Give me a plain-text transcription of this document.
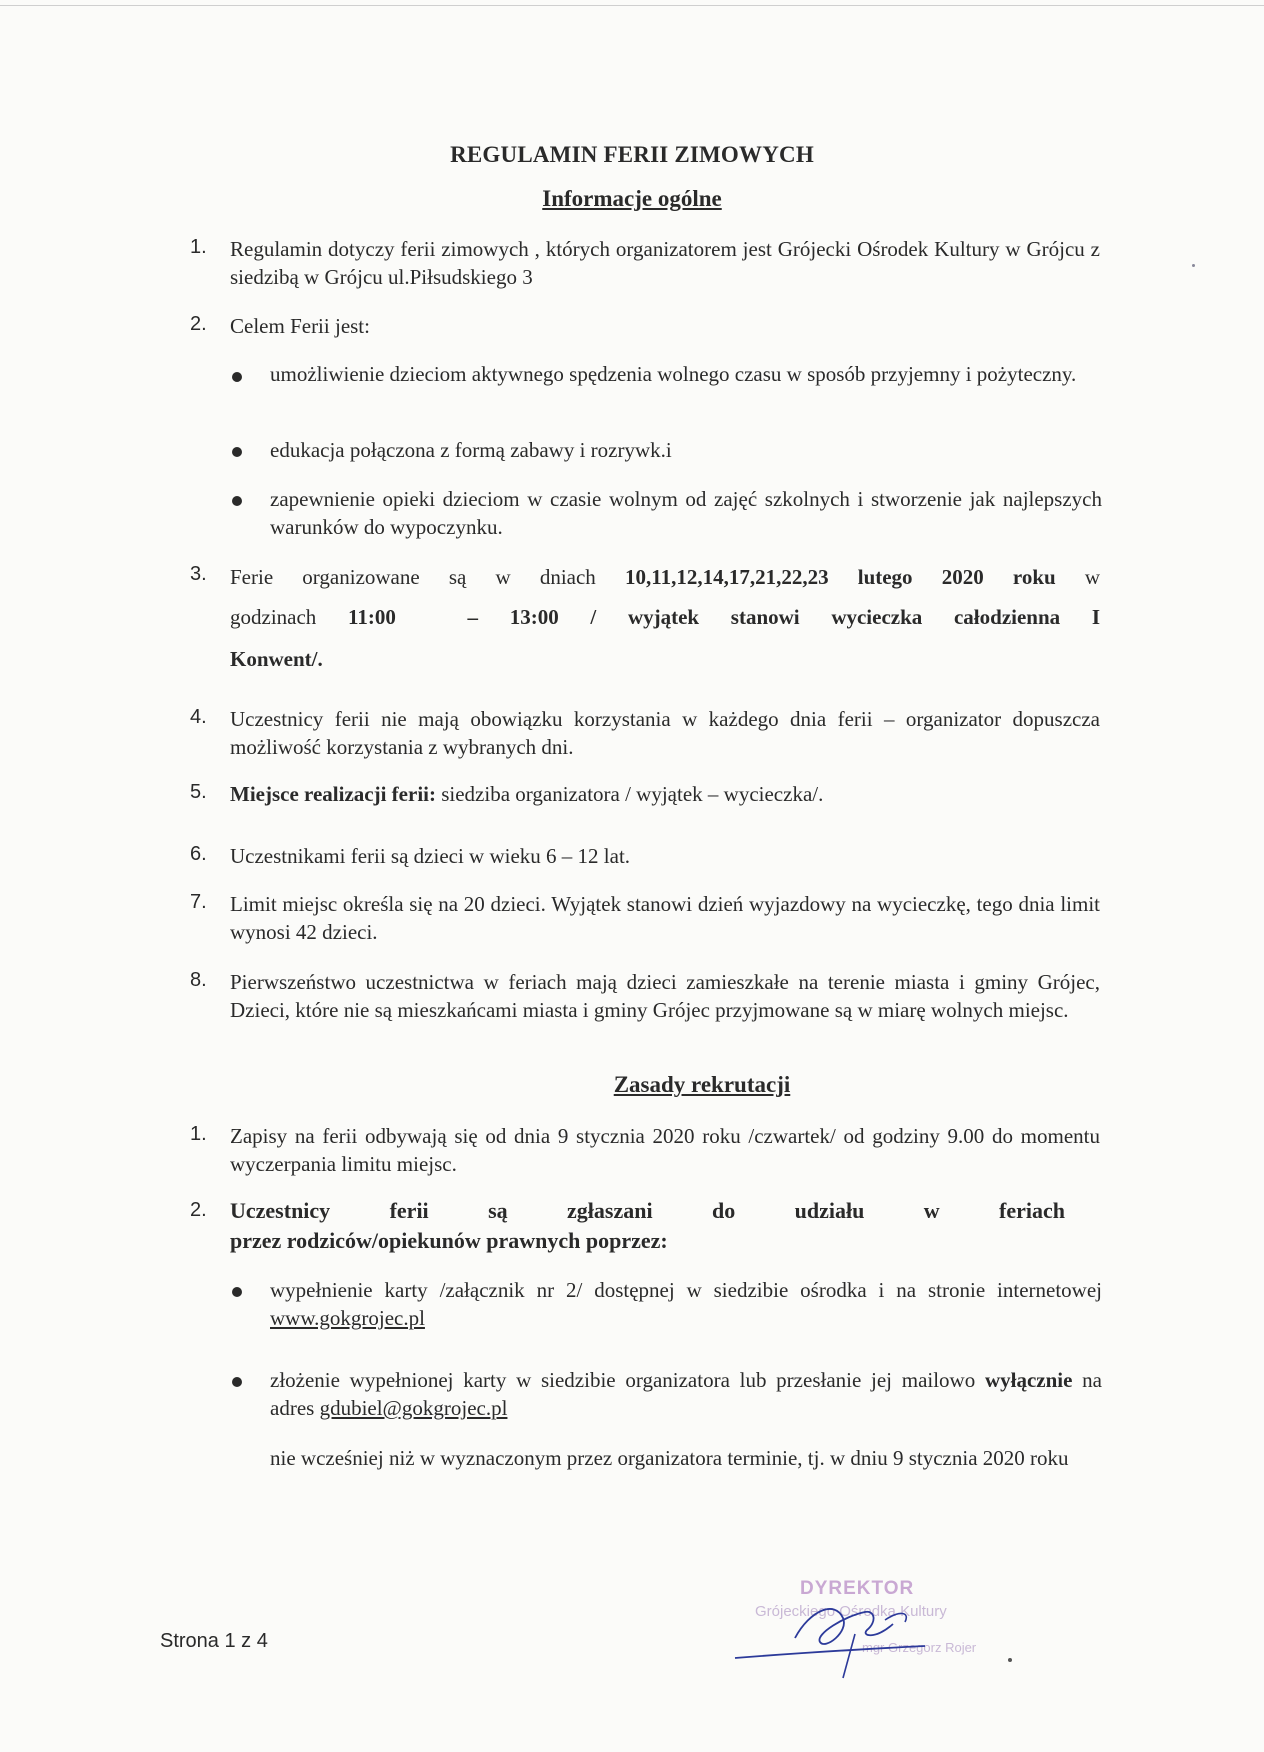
REGULAMIN FERII ZIMOWYCH
Informacje ogólne
1.	Regulamin dotyczy ferii zimowych , których organizatorem jest Grójecki Ośrodek Kultury w Grójcu z siedzibą w Grójcu ul.Piłsudskiego 3
2.	Celem Ferii jest:
umożliwienie dzieciom aktywnego spędzenia wolnego czasu w sposób przyjemny i pożyteczny.
edukacja połączona z formą zabawy i rozrywk.i
zapewnienie opieki dzieciom w czasie wolnym od zajęć szkolnych i stworzenie jak najlepszych warunków do wypoczynku.
3.	Ferie organizowane są w dniach 10,11,12,14,17,21,22,23 lutego 2020 roku w
godzinach 11:00	– 13:00 / wyjątek stanowi wycieczka całodzienna I
Konwent/.
4.	Uczestnicy ferii nie mają obowiązku korzystania w każdego dnia ferii – organizator dopuszcza możliwość korzystania z wybranych dni.
5.	Miejsce realizacji ferii: siedziba organizatora / wyjątek – wycieczka/.
6.	Uczestnikami ferii są dzieci w wieku 6 – 12 lat.
7.	Limit miejsc określa się na 20 dzieci. Wyjątek stanowi dzień wyjazdowy na wycieczkę, tego dnia limit wynosi 42 dzieci.
8.	Pierwszeństwo uczestnictwa w feriach mają dzieci zamieszkałe na terenie miasta i gminy Grójec, Dzieci, które nie są mieszkańcami miasta i gminy Grójec przyjmowane są w miarę wolnych miejsc.
Zasady rekrutacji
1.	Zapisy na ferii odbywają się od dnia 9 stycznia 2020 roku /czwartek/ od godziny 9.00 do momentu wyczerpania limitu miejsc.
2.	Uczestnicy ferii są zgłaszani do udziału w feriach
przez rodziców/opiekunów prawnych poprzez:
wypełnienie karty /załącznik nr 2/ dostępnej w siedzibie ośrodka i na stronie internetowej www.gokgrojec.pl
złożenie wypełnionej karty w siedzibie organizatora lub przesłanie jej mailowo wyłącznie na adres gdubiel@gokgrojec.pl
nie wcześniej niż w wyznaczonym przez organizatora terminie, tj. w dniu 9 stycznia 2020 roku
Strona 1 z 4
DYREKTOR
Grójeckiego Ośrodka Kultury
mgr Grzegorz Rojer
